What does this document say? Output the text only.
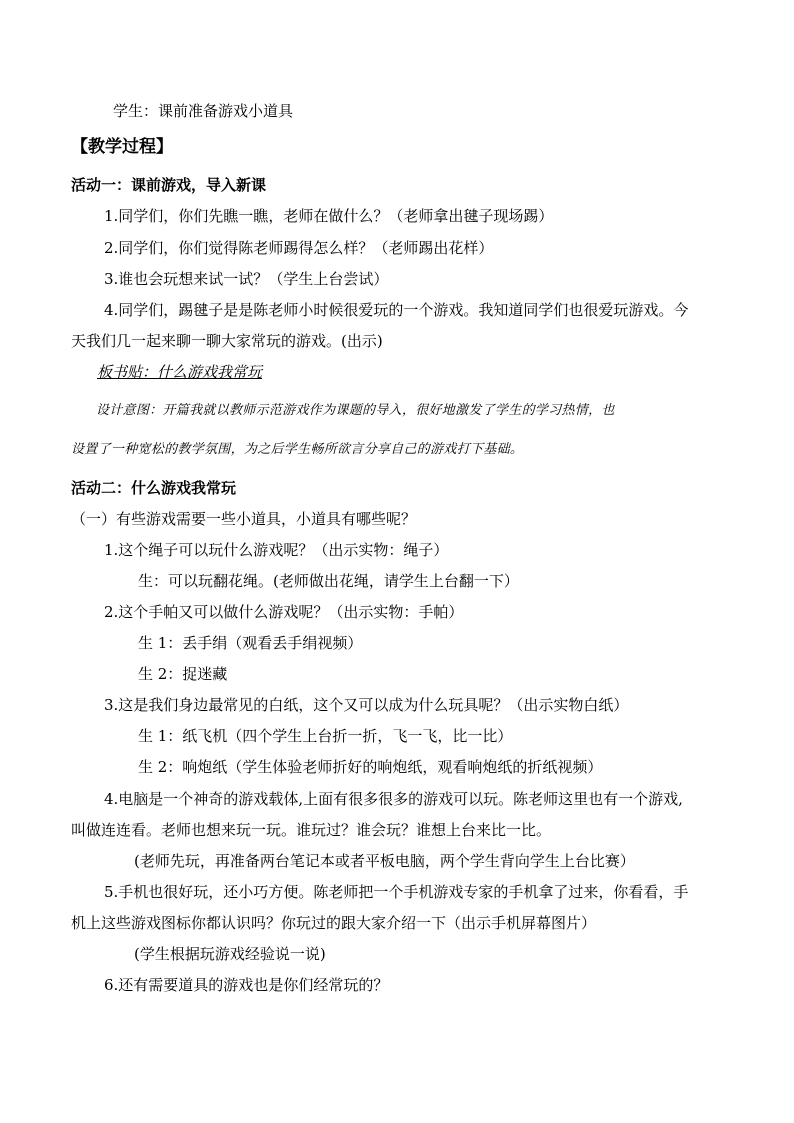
学生：课前准备游戏小道具
【教学过程】
活动一：课前游戏，导入新课
1.同学们，你们先瞧一瞧，老师在做什么？（老师拿出毽子现场踢）
2.同学们，你们觉得陈老师踢得怎么样？（老师踢出花样）
3.谁也会玩想来试一试？（学生上台尝试）
4.同学们，踢毽子是是陈老师小时候很爱玩的一个游戏。我知道同学们也很爱玩游戏。今
天我们几一起来聊一聊大家常玩的游戏。(出示)
板书贴：什么游戏我常玩
设计意图：开篇我就以教师示范游戏作为课题的导入，很好地激发了学生的学习热情，也
设置了一种宽松的教学氛围，为之后学生畅所欲言分享自己的游戏打下基础。
活动二：什么游戏我常玩
（一）有些游戏需要一些小道具，小道具有哪些呢？
1.这个绳子可以玩什么游戏呢？（出示实物：绳子）
生：可以玩翻花绳。(老师做出花绳，请学生上台翻一下）
2.这个手帕又可以做什么游戏呢？（出示实物：手帕）
生 1：丢手绢（观看丢手绢视频）
生 2：捉迷藏
3.这是我们身边最常见的白纸，这个又可以成为什么玩具呢？（出示实物白纸）
生 1：纸飞机（四个学生上台折一折，飞一飞，比一比）
生 2：响炮纸（学生体验老师折好的响炮纸，观看响炮纸的折纸视频）
4.电脑是一个神奇的游戏载体,上面有很多很多的游戏可以玩。陈老师这里也有一个游戏,
叫做连连看。老师也想来玩一玩。谁玩过？谁会玩？谁想上台来比一比。
(老师先玩，再准备两台笔记本或者平板电脑，两个学生背向学生上台比赛）
5.手机也很好玩，还小巧方便。陈老师把一个手机游戏专家的手机拿了过来，你看看，手
机上这些游戏图标你都认识吗？你玩过的跟大家介绍一下（出示手机屏幕图片）
(学生根据玩游戏经验说一说)
6.还有需要道具的游戏也是你们经常玩的？
